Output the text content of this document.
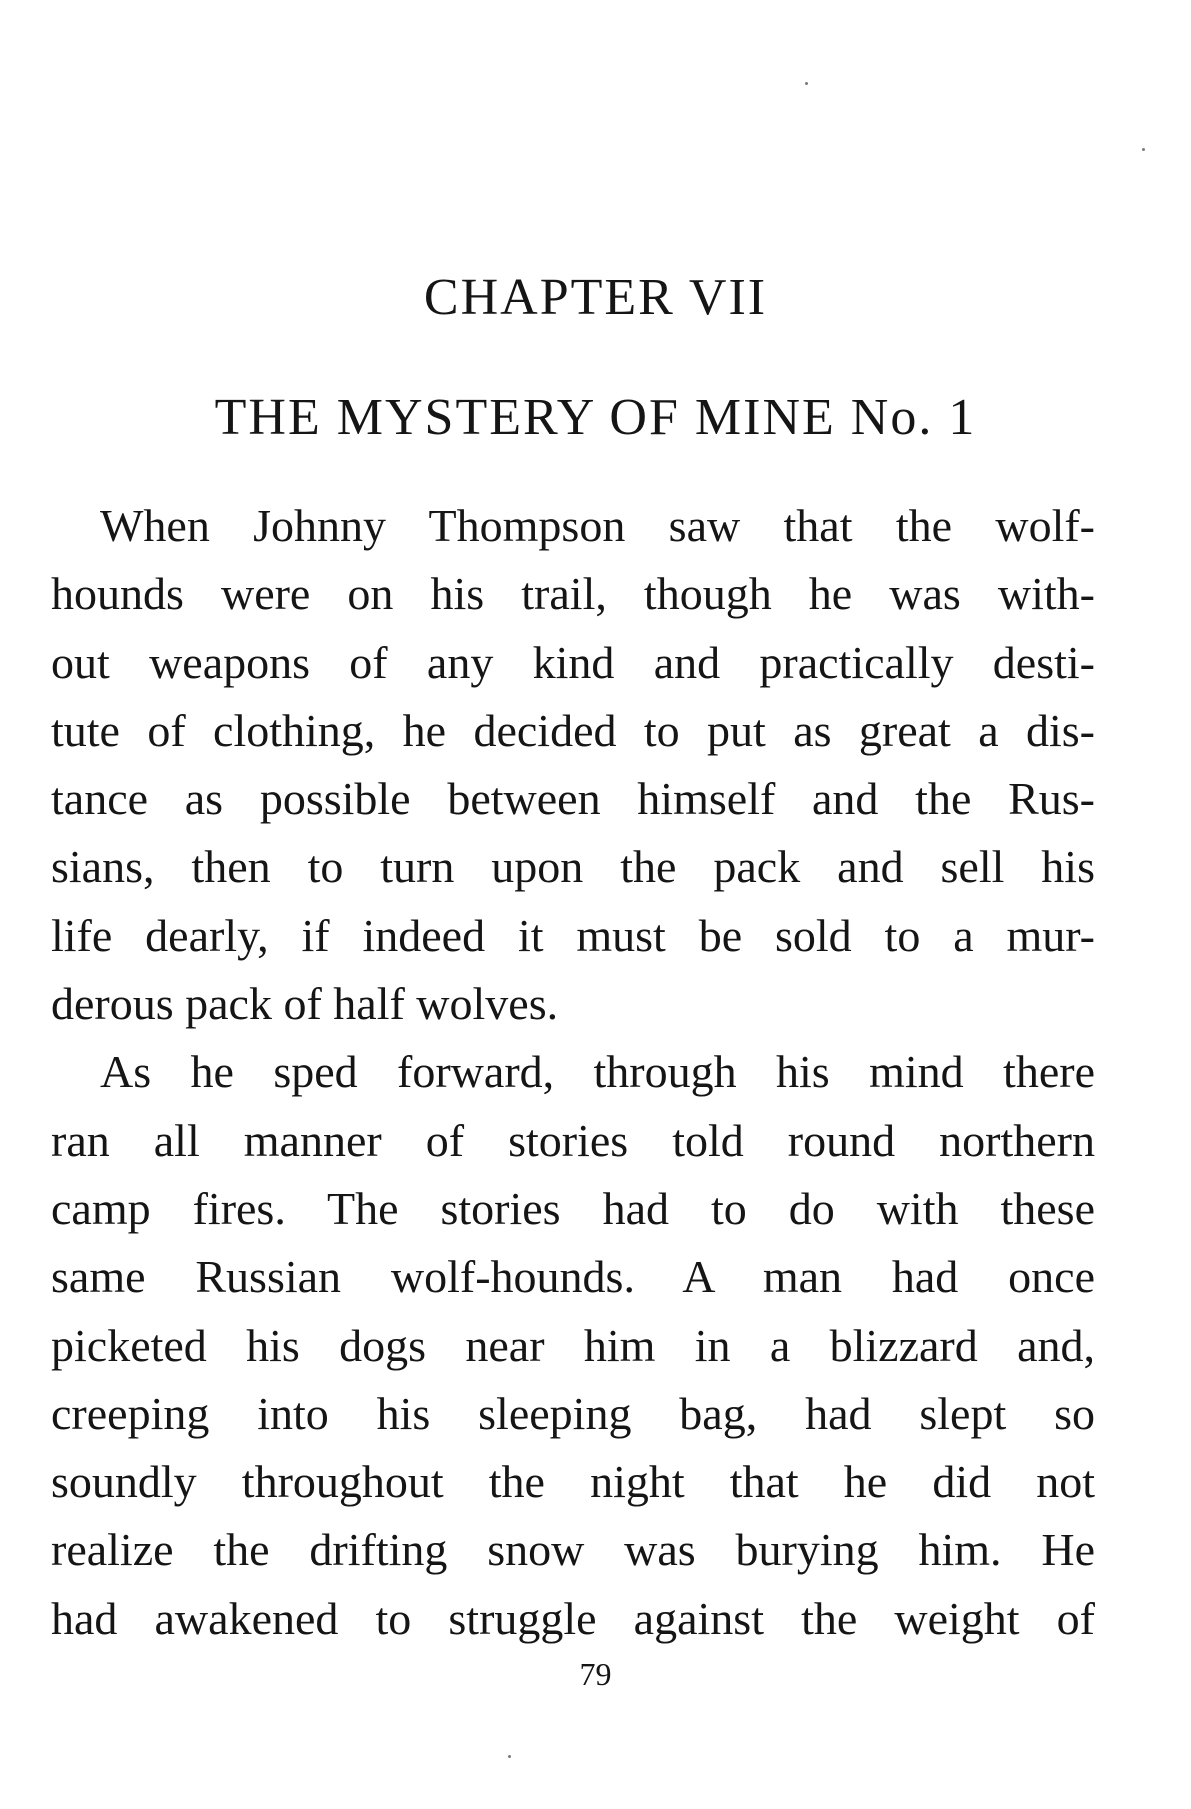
CHAPTER VII
THE MYSTERY OF MINE No. 1
When Johnny Thompson saw that the wolf-
hounds were on his trail, though he was with-
out weapons of any kind and practically desti-
tute of clothing, he decided to put as great a dis-
tance as possible between himself and the Rus-
sians, then to turn upon the pack and sell his
life dearly, if indeed it must be sold to a mur-
derous pack of half wolves.
As he sped forward, through his mind there
ran all manner of stories told round northern
camp fires. The stories had to do with these
same Russian wolf-hounds. A man had once
picketed his dogs near him in a blizzard and,
creeping into his sleeping bag, had slept so
soundly throughout the night that he did not
realize the drifting snow was burying him. He
had awakened to struggle against the weight of
79
